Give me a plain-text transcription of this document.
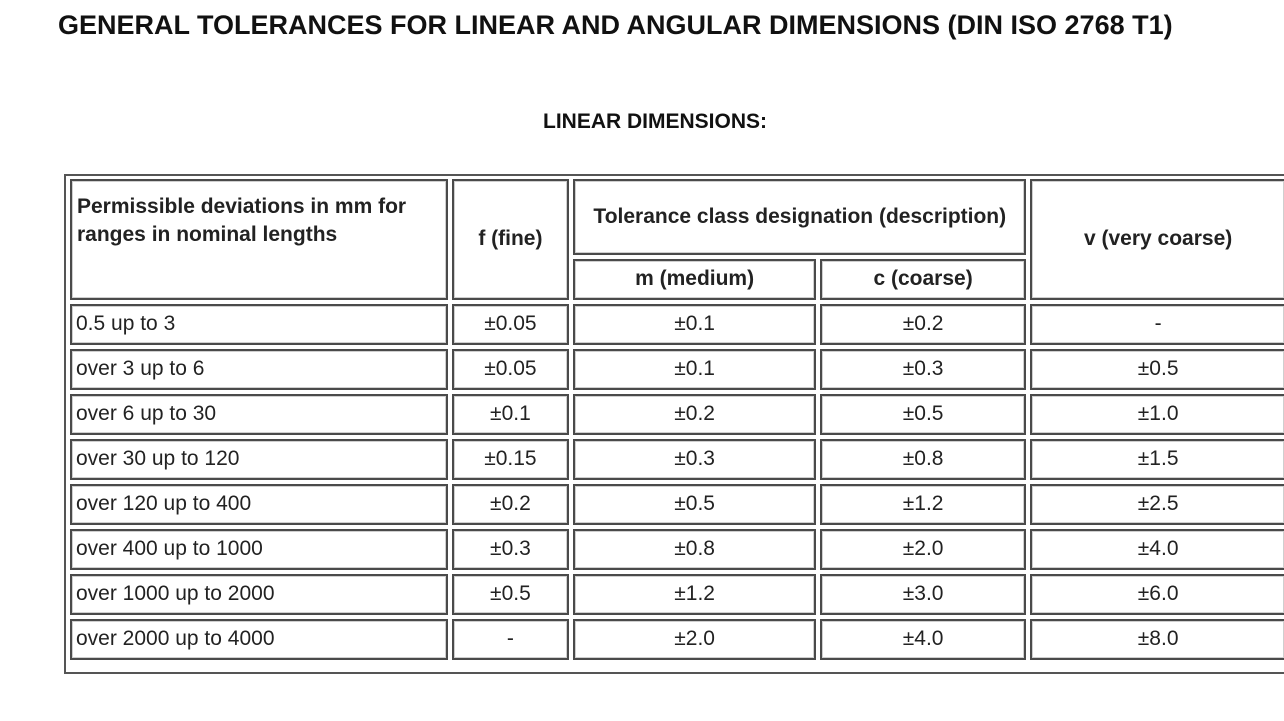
GENERAL TOLERANCES FOR LINEAR AND ANGULAR DIMENSIONS (DIN ISO 2768 T1)
LINEAR DIMENSIONS:
Permissible deviations in mm for ranges in nominal lengths	f (fine)	Tolerance class designation (description)		v (very coarse)
		m (medium)	c (coarse)	
0.5 up to 3	±0.05	±0.1	±0.2	-
over 3 up to 6	±0.05	±0.1	±0.3	±0.5
over 6 up to 30	±0.1	±0.2	±0.5	±1.0
over 30 up to 120	±0.15	±0.3	±0.8	±1.5
over 120 up to 400	±0.2	±0.5	±1.2	±2.5
over 400 up to 1000	±0.3	±0.8	±2.0	±4.0
over 1000 up to 2000	±0.5	±1.2	±3.0	±6.0
over 2000 up to 4000	-	±2.0	±4.0	±8.0
